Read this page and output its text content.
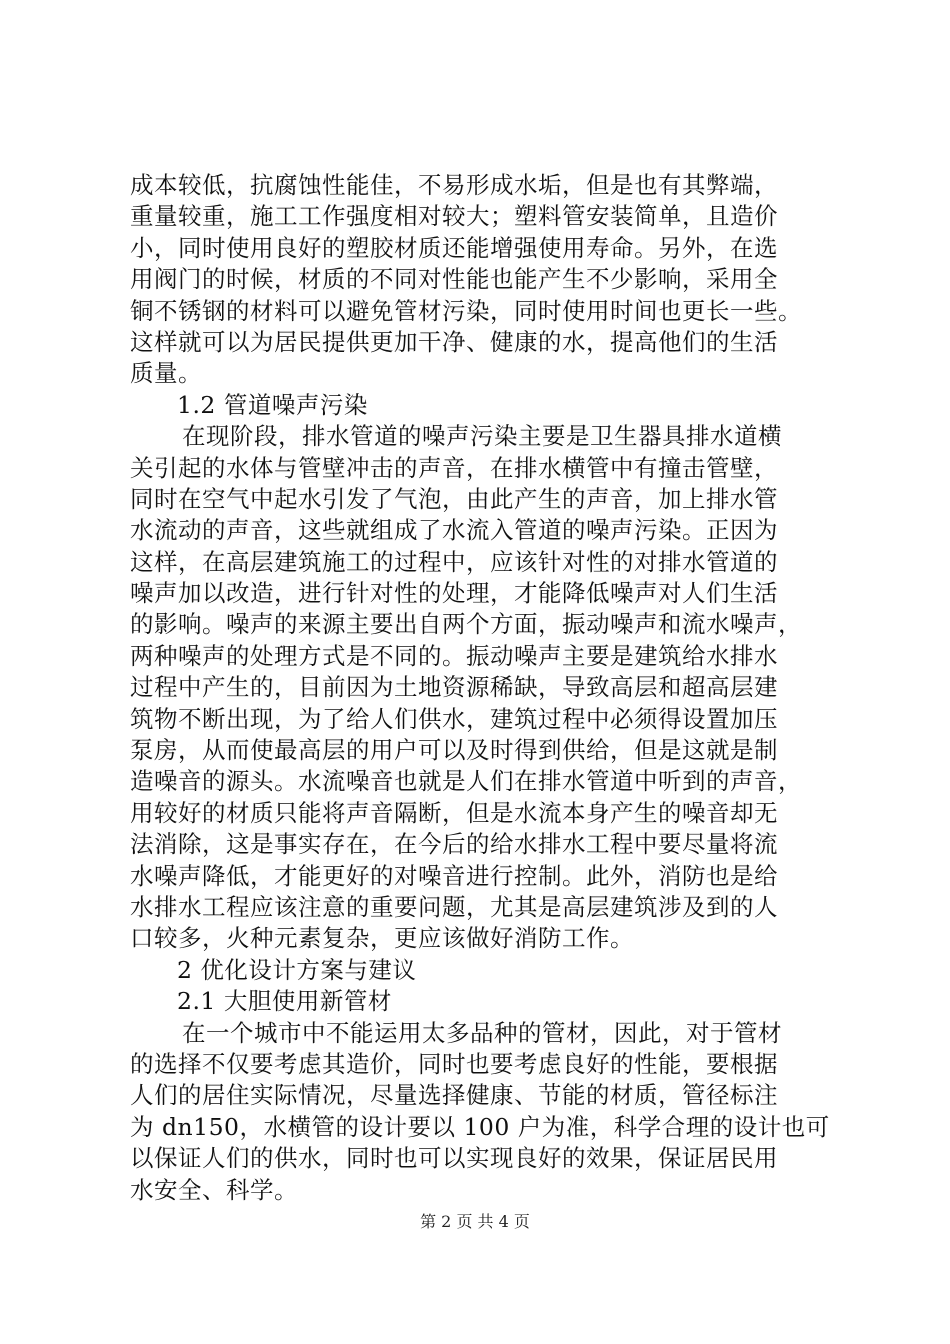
成本较低，抗腐蚀性能佳，不易形成水垢，但是也有其弊端，
重量较重，施工工作强度相对较大；塑料管安装简单，且造价
小，同时使用良好的塑胶材质还能增强使用寿命。另外，在选
用阀门的时候，材质的不同对性能也能产生不少影响，采用全
铜不锈钢的材料可以避免管材污染，同时使用时间也更长一些。
这样就可以为居民提供更加干净、健康的水，提高他们的生活
质量。
1.2 管道噪声污染
在现阶段，排水管道的噪声污染主要是卫生器具排水道横
关引起的水体与管壁冲击的声音，在排水横管中有撞击管壁，
同时在空气中起水引发了气泡，由此产生的声音，加上排水管
水流动的声音，这些就组成了水流入管道的噪声污染。正因为
这样，在高层建筑施工的过程中，应该针对性的对排水管道的
噪声加以改造，进行针对性的处理，才能降低噪声对人们生活
的影响。噪声的来源主要出自两个方面，振动噪声和流水噪声，
两种噪声的处理方式是不同的。振动噪声主要是建筑给水排水
过程中产生的，目前因为土地资源稀缺，导致高层和超高层建
筑物不断出现，为了给人们供水，建筑过程中必须得设置加压
泵房，从而使最高层的用户可以及时得到供给，但是这就是制
造噪音的源头。水流噪音也就是人们在排水管道中听到的声音，
用较好的材质只能将声音隔断，但是水流本身产生的噪音却无
法消除，这是事实存在，在今后的给水排水工程中要尽量将流
水噪声降低，才能更好的对噪音进行控制。此外，消防也是给
水排水工程应该注意的重要问题，尤其是高层建筑涉及到的人
口较多，火种元素复杂，更应该做好消防工作。
2 优化设计方案与建议
2.1 大胆使用新管材
在一个城市中不能运用太多品种的管材，因此，对于管材
的选择不仅要考虑其造价，同时也要考虑良好的性能，要根据
人们的居住实际情况，尽量选择健康、节能的材质，管径标注
为 dn150，水横管的设计要以 100 户为准，科学合理的设计也可
以保证人们的供水，同时也可以实现良好的效果，保证居民用
水安全、科学。
第 2 页 共 4 页
